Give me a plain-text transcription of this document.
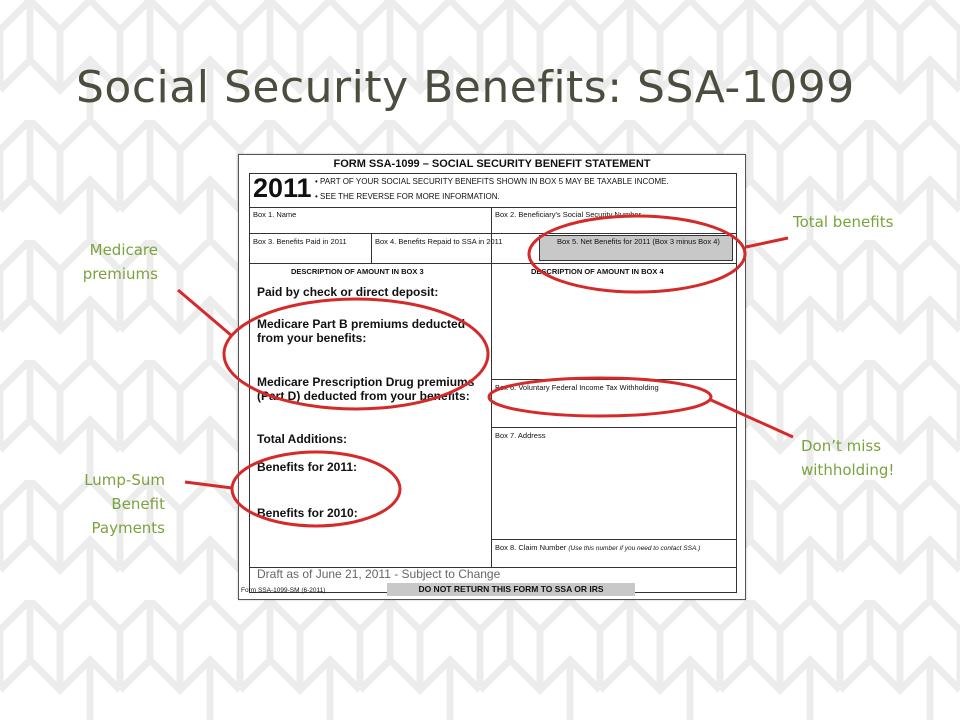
Social Security Benefits: SSA-1099
FORM SSA-1099 – SOCIAL SECURITY BENEFIT STATEMENT
2011 • PART OF YOUR SOCIAL SECURITY BENEFITS SHOWN IN BOX 5 MAY BE TAXABLE INCOME.
• SEE THE REVERSE FOR MORE INFORMATION.
Box 1. Name	Box 2. Beneficiary's Social Security Number
Box 3. Benefits Paid in 2011	Box 4. Benefits Repaid to SSA in 2011	Box 5. Net Benefits for 2011 (Box 3 minus Box 4)
DESCRIPTION OF AMOUNT IN BOX 3	DESCRIPTION OF AMOUNT IN BOX 4
Paid by check or direct deposit:
Medicare Part B premiums deducted
from your benefits:
Medicare Prescription Drug premiums
(Part D) deducted from your benefits:
Total Additions:
Benefits for 2011:
Benefits for 2010:
Box 6. Voluntary Federal Income Tax Withholding
Box 7. Address
Box 8. Claim Number (Use this number if you need to contact SSA.)
Draft as of June 21, 2011 - Subject to Change
Form SSA-1099-SM (6-2011)	DO NOT RETURN THIS FORM TO SSA OR IRS
Total benefits
Medicare
premiums
Don’t miss
withholding!
Lump-Sum
Benefit
Payments
